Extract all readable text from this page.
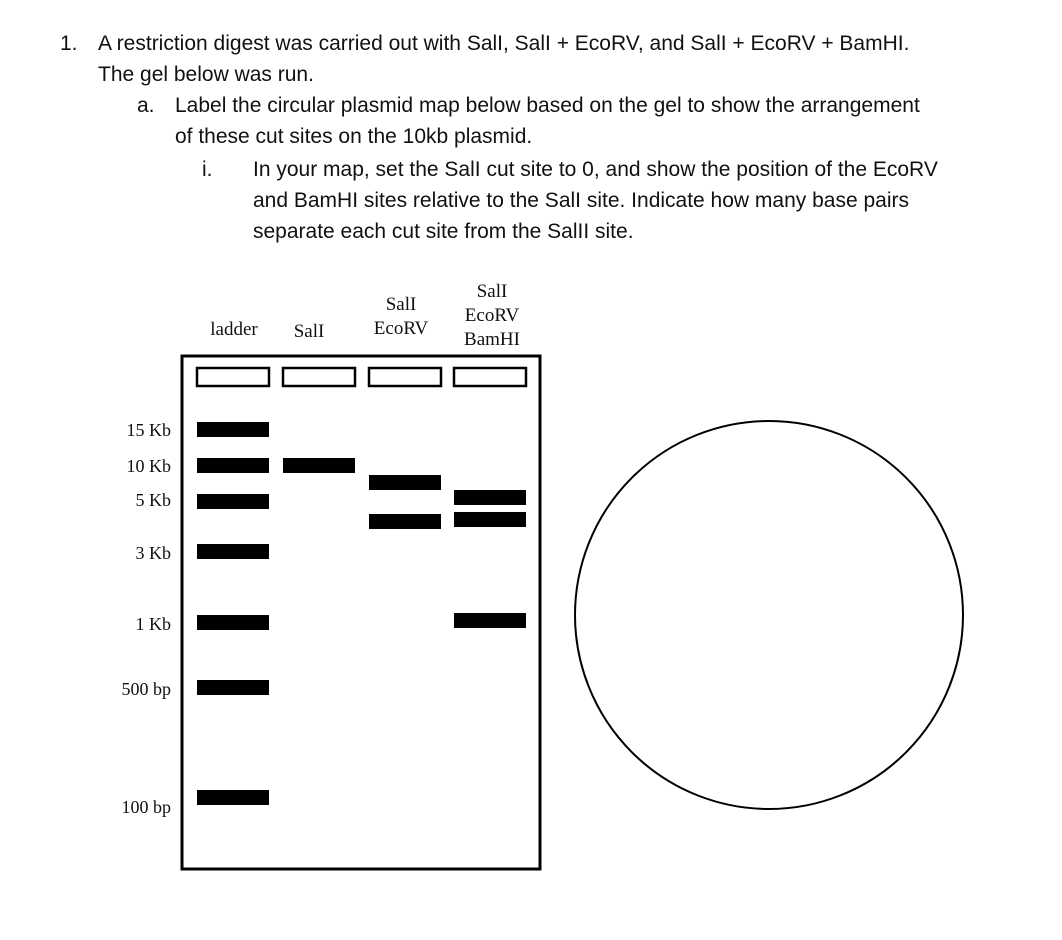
1. A restriction digest was carried out with SalI, SalI + EcoRV, and SalI + EcoRV + BamHI.
The gel below was run.
a. Label the circular plasmid map below based on the gel to show the arrangement
of these cut sites on the 10kb plasmid.
i. In your map, set the SalI cut site to 0, and show the position of the EcoRV
and BamHI sites relative to the SalI site. Indicate how many base pairs
separate each cut site from the SalII site.
ladder SalI
SalI
EcoRV
SalI
EcoRV
BamHI
15 Kb
10 Kb
5 Kb
3 Kb
1 Kb
500 bp
100 bp
